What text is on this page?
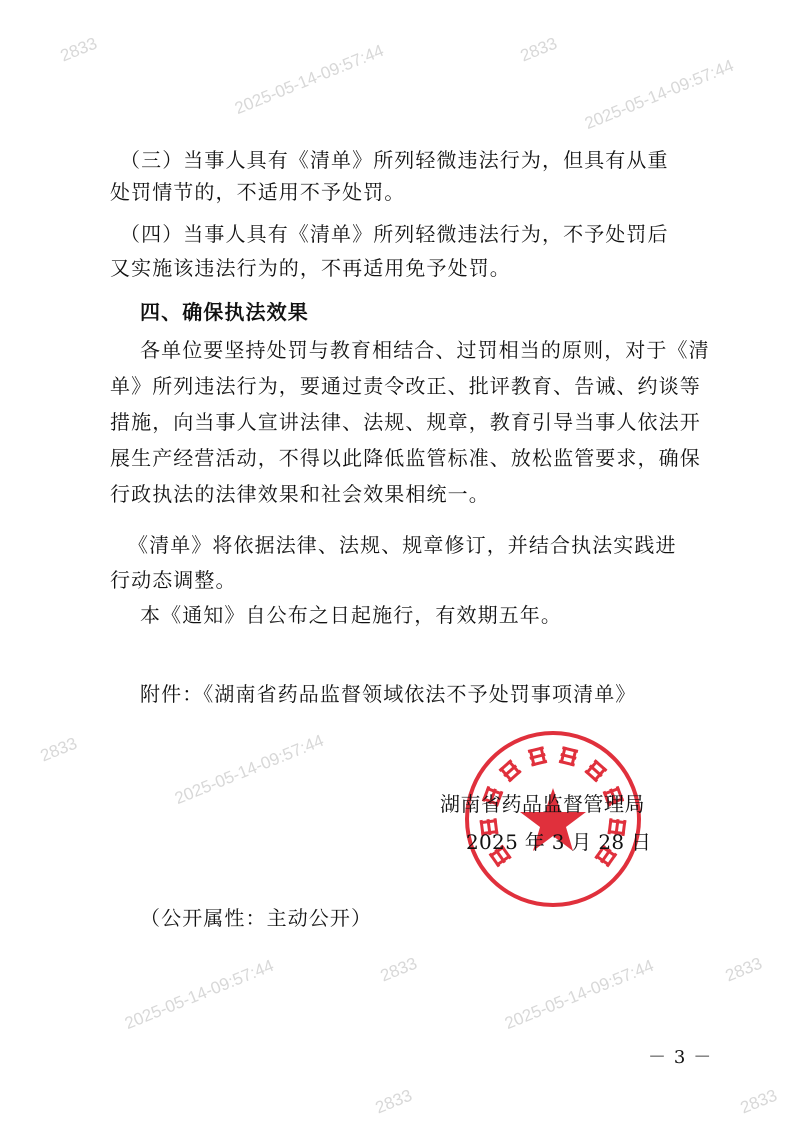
2833	2025-05-14-09:57:44	2833
2025-05-14-09:57:44
2833	2025-05-14-09:57:44
2025-05-14-09:57:44	2833	2025-05-14-09:57:44	2833
2833	2833
（三）当事人具有《清单》所列轻微违法行为，但具有从重
处罚情节的，不适用不予处罚。
（四）当事人具有《清单》所列轻微违法行为，不予处罚后
又实施该违法行为的，不再适用免予处罚。
四、确保执法效果
各单位要坚持处罚与教育相结合、过罚相当的原则，对于《清
单》所列违法行为，要通过责令改正、批评教育、告诫、约谈等
措施，向当事人宣讲法律、法规、规章，教育引导当事人依法开
展生产经营活动，不得以此降低监管标准、放松监管要求，确保
行政执法的法律效果和社会效果相统一。
《清单》将依据法律、法规、规章修订，并结合执法实践进
行动态调整。
本《通知》自公布之日起施行，有效期五年。
附件：《湖南省药品监督领域依法不予处罚事项清单》
湖南省药品监督管理局
2025 年 3 月 28 日
（公开属性：主动公开）
－ 3 －
